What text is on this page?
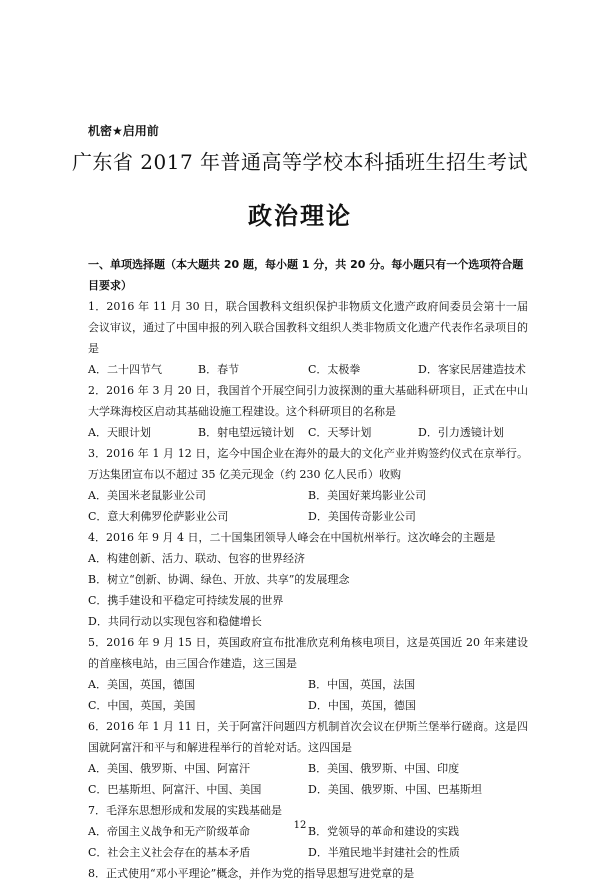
机密★启用前
广东省 2017 年普通高等学校本科插班生招生考试
政治理论
一、单项选择题（本大题共 20 题，每小题 1 分，共 20 分。每小题只有一个选项符合题目要求）
1．2016 年 11 月 30 日，联合国教科文组织保护非物质文化遗产政府间委员会第十一届会议审议，通过了中国申报的列入联合国教科文组织人类非物质文化遗产代表作名录项目的是
A．二十四节气	B．春节	C．太极拳	D．客家民居建造技术
2．2016 年 3 月 20 日，我国首个开展空间引力波探测的重大基础科研项目，正式在中山大学珠海校区启动其基础设施工程建设。这个科研项目的名称是
A．天眼计划	B．射电望远镜计划	C．天琴计划	D．引力透镜计划
3．2016 年 1 月 12 日，迄今中国企业在海外的最大的文化产业并购签约仪式在京举行。万达集团宣布以不超过 35 亿美元现金（约 230 亿人民币）收购
A．美国米老鼠影业公司	B．美国好莱坞影业公司
C．意大利佛罗伦萨影业公司	D．美国传奇影业公司
4．2016 年 9 月 4 日，二十国集团领导人峰会在中国杭州举行。这次峰会的主题是
A．构建创新、活力、联动、包容的世界经济
B．树立“创新、协调、绿色、开放、共享”的发展理念
C．携手建设和平稳定可持续发展的世界
D．共同行动以实现包容和稳健增长
5．2016 年 9 月 15 日，英国政府宣布批准欣克利角核电项目，这是英国近 20 年来建设的首座核电站，由三国合作建造，这三国是
A．美国，英国，德国	B．中国，英国，法国
C．中国，英国，美国	D．中国，英国，德国
6．2016 年 1 月 11 日，关于阿富汗问题四方机制首次会议在伊斯兰堡举行磋商。这是四国就阿富汗和平与和解进程举行的首轮对话。这四国是
A．美国、俄罗斯、中国、阿富汗	B．美国、俄罗斯、中国、印度
C．巴基斯坦、阿富汗、中国、美国	D．美国、俄罗斯、中国、巴基斯坦
7．毛泽东思想形成和发展的实践基础是
A．帝国主义战争和无产阶级革命	B．党领导的革命和建设的实践
C．社会主义社会存在的基本矛盾	D．半殖民地半封建社会的性质
8．正式使用“邓小平理论”概念，并作为党的指导思想写进党章的是
12
